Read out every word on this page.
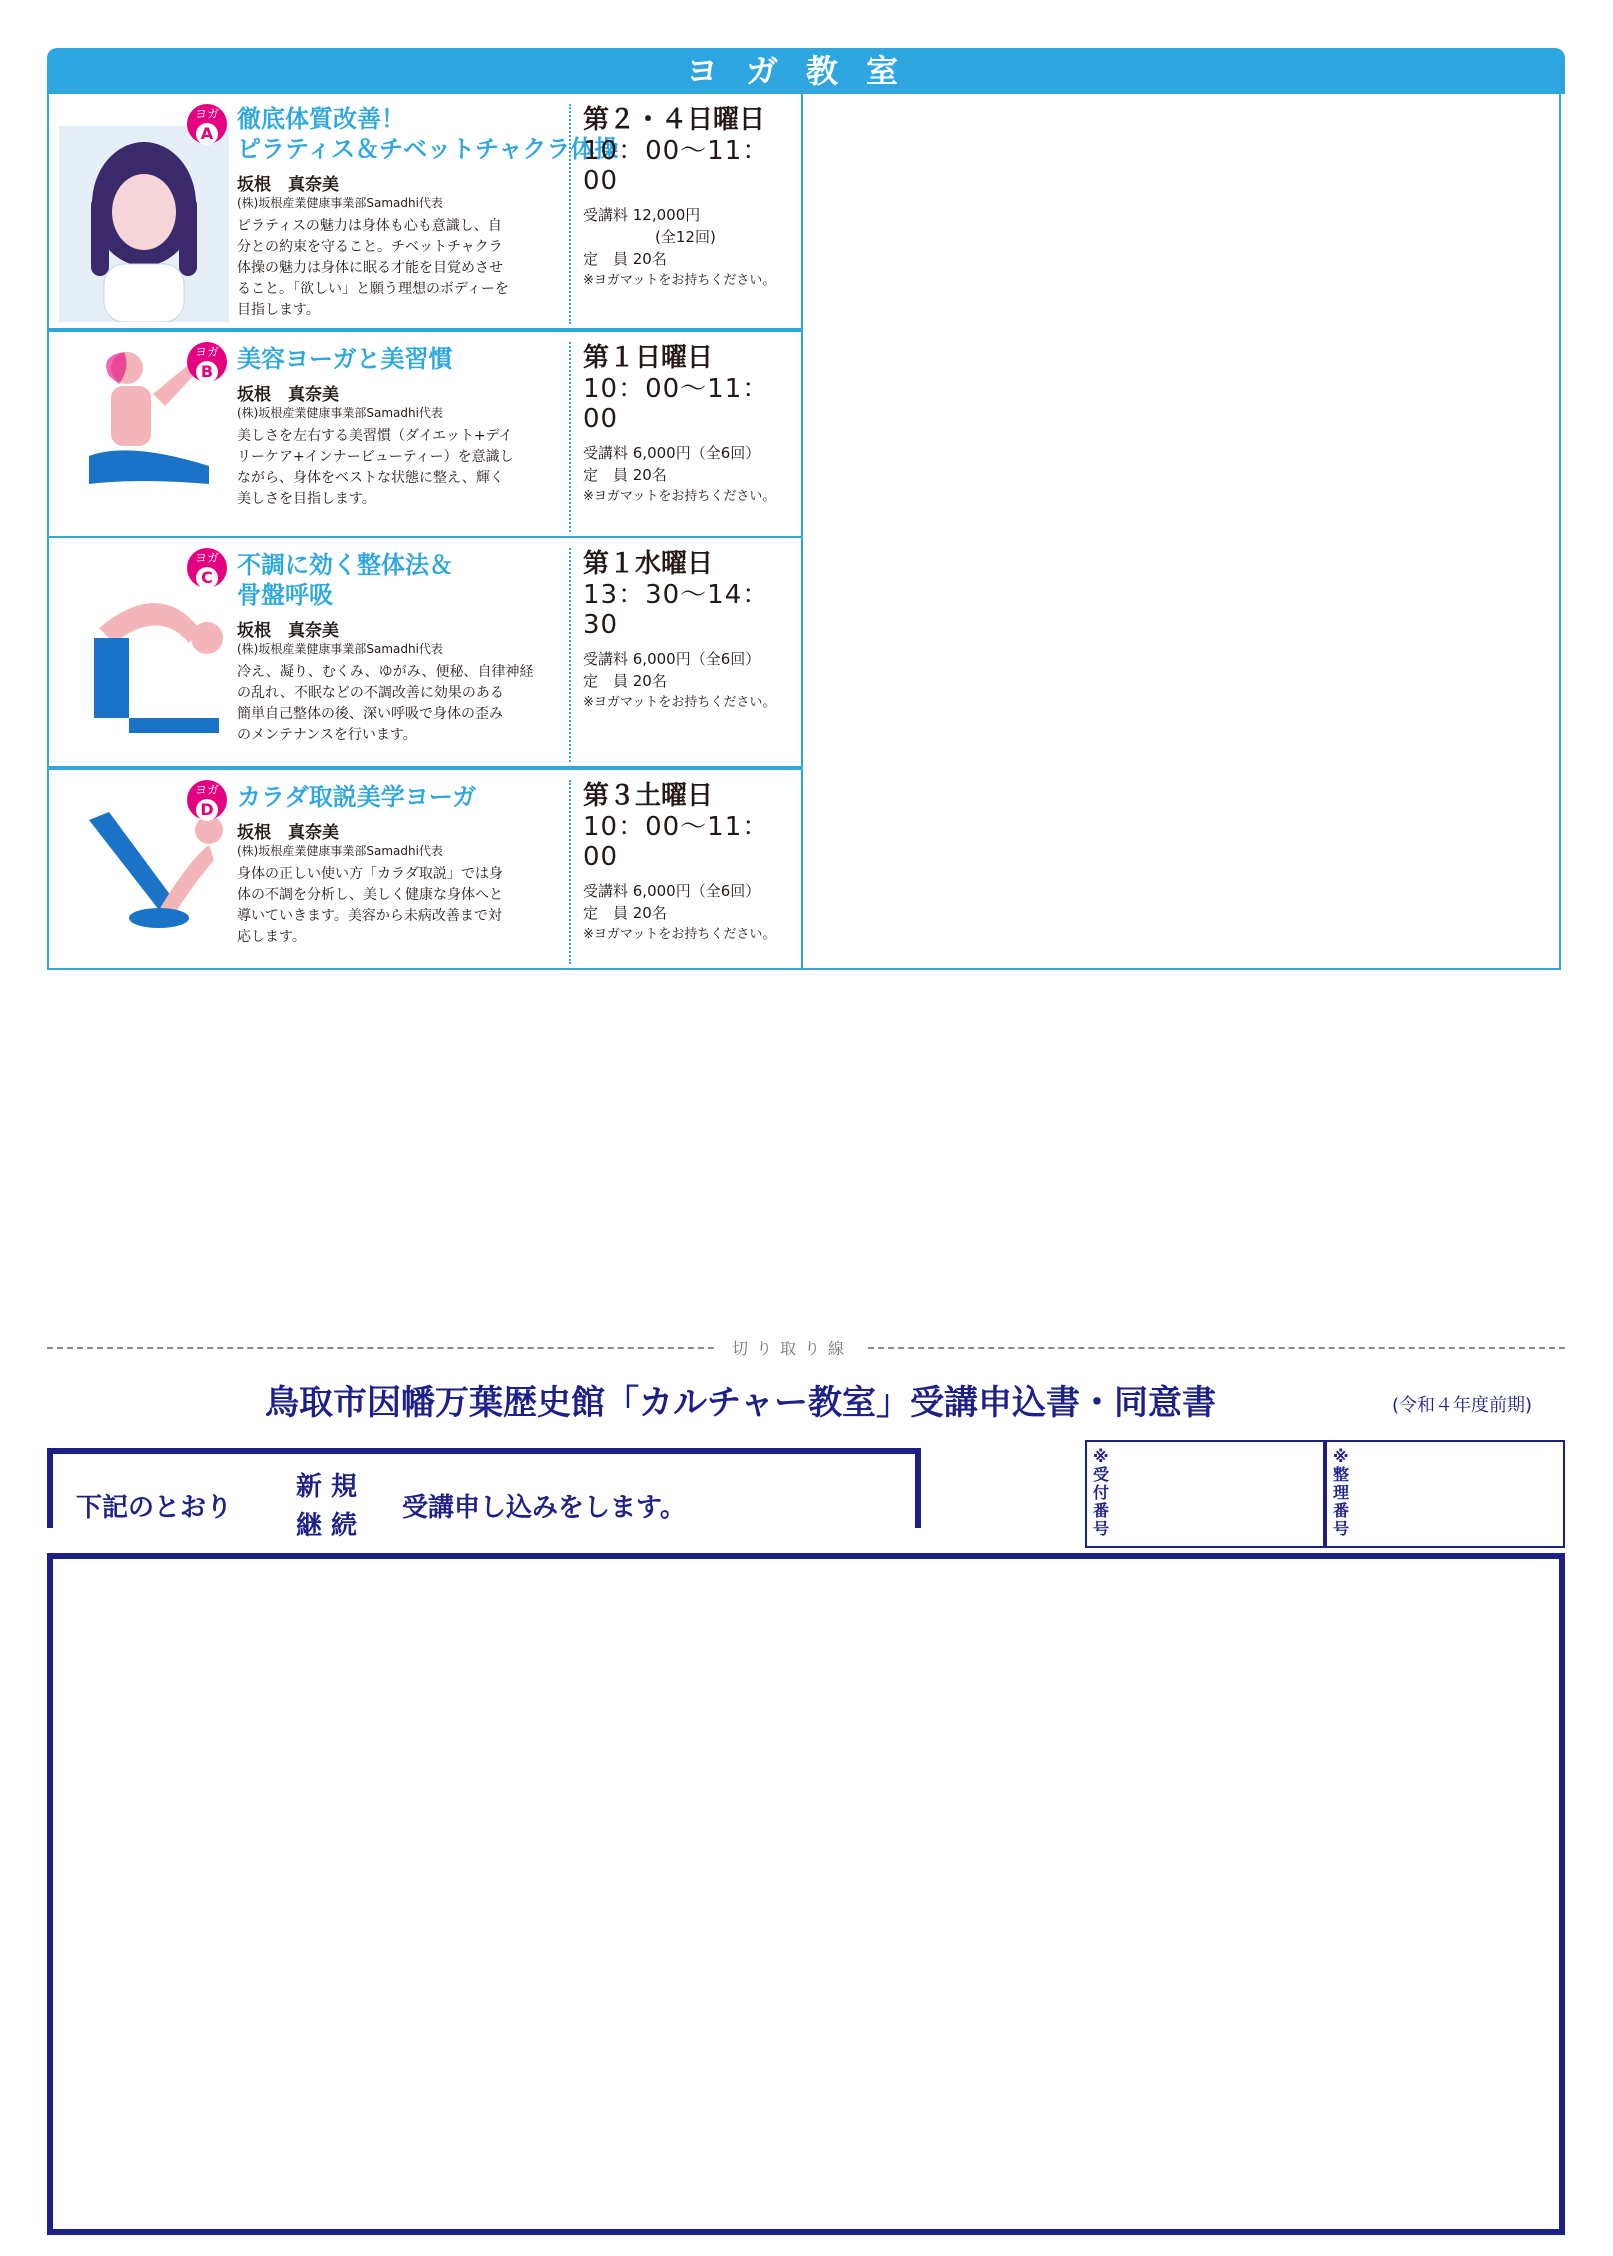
ヨガ教室
ヨガ
A
徹底体質改善！
ピラティス＆チベットチャクラ体操
坂根　真奈美
(株)坂根産業健康事業部Samadhi代表
ピラティスの魅力は身体も心も意識し、自
分との約束を守ること。チベットチャクラ
体操の魅力は身体に眠る才能を目覚めさせ
ること。「欲しい」と願う理想のボディーを
目指します。
第２・４日曜日
10：00〜11：00
受講料 12,000円
(全12回)
定　員 20名
※ヨガマットをお持ちください。
ヨガ
B 美容ヨーガと美習慣
坂根　真奈美
(株)坂根産業健康事業部Samadhi代表
美しさを左右する美習慣（ダイエット+デイ
リーケア+インナービューティー）を意識し
ながら、身体をベストな状態に整え、輝く
美しさを目指します。
第１日曜日
10：00〜11：00
受講料 6,000円（全6回）
定　員 20名
※ヨガマットをお持ちください。
ヨガ
C 不調に効く整体法＆
骨盤呼吸
坂根　真奈美
(株)坂根産業健康事業部Samadhi代表
冷え、凝り、むくみ、ゆがみ、便秘、自律神経
の乱れ、不眠などの不調改善に効果のある
簡単自己整体の後、深い呼吸で身体の歪み
のメンテナンスを行います。
第１水曜日
13：30〜14：30
受講料 6,000円（全6回）
定　員 20名
※ヨガマットをお持ちください。
ヨガ
D カラダ取説美学ヨーガ
坂根　真奈美
(株)坂根産業健康事業部Samadhi代表
身体の正しい使い方「カラダ取説」では身
体の不調を分析し、美しく健康な身体へと
導いていきます。美容から未病改善まで対
応します。
第３土曜日
10：00〜11：00
受講料 6,000円（全6回）
定　員 20名
※ヨガマットをお持ちください。
切り取り線
鳥取市因幡万葉歴史館「カルチャー教室」受講申込書・同意書	(令和４年度前期)
下記のとおり
新 規
継 続
受講申し込みをします。
※受付番号
※整理番号
